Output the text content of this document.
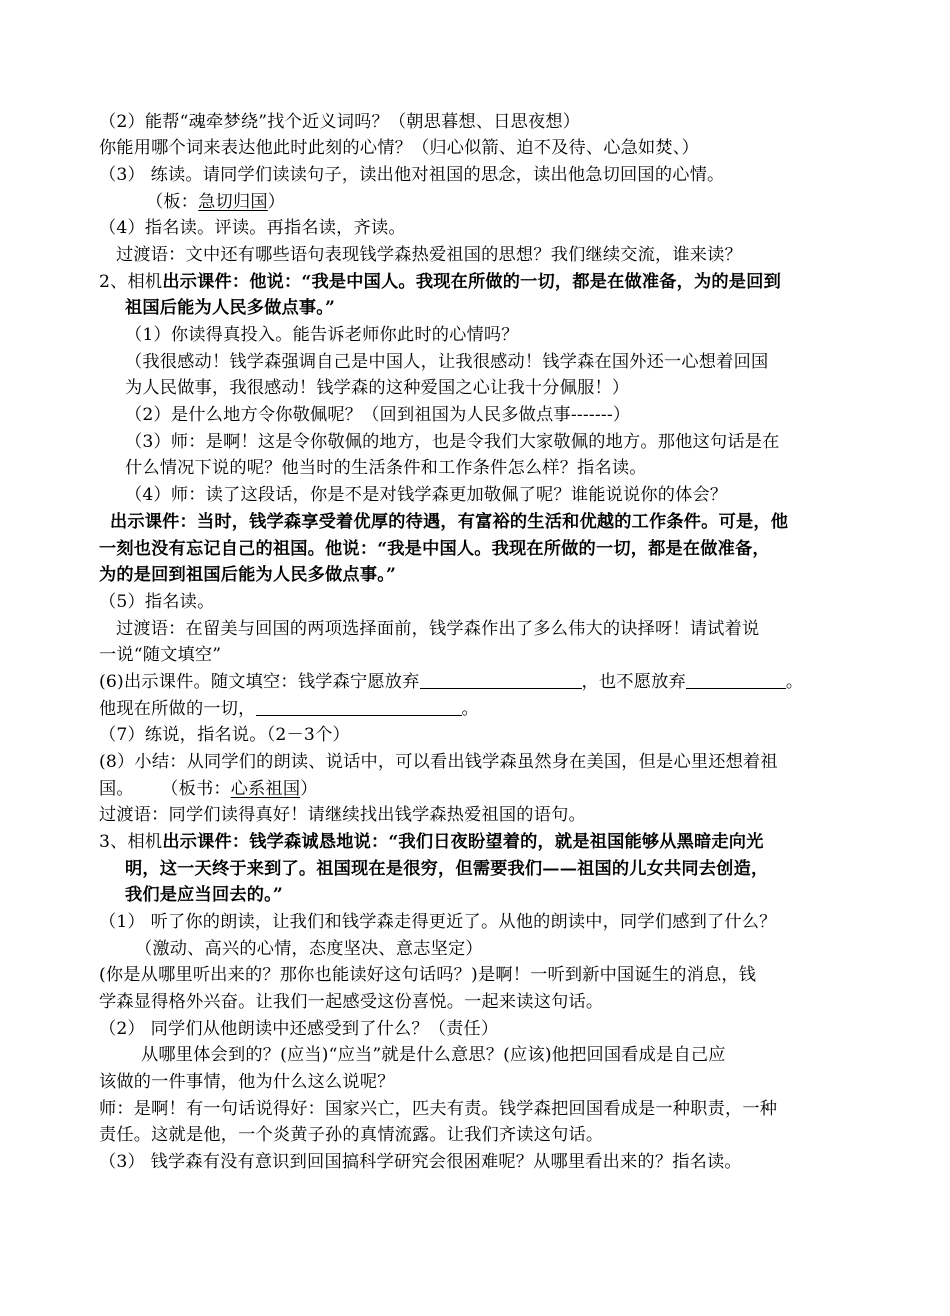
（2）能帮“魂牵梦绕”找个近义词吗？（朝思暮想、日思夜想）
你能用哪个词来表达他此时此刻的心情？（归心似箭、迫不及待、心急如焚、）
（3） 练读。请同学们读读句子，读出他对祖国的思念，读出他急切回国的心情。
（板：急切归国）
（4）指名读。评读。再指名读，齐读。
过渡语：文中还有哪些语句表现钱学森热爱祖国的思想？我们继续交流，谁来读？
2、相机出示课件：他说：“我是中国人。我现在所做的一切，都是在做准备，为的是回到
祖国后能为人民多做点事。”
（1）你读得真投入。能告诉老师你此时的心情吗？
（我很感动！钱学森强调自己是中国人，让我很感动！钱学森在国外还一心想着回国
为人民做事，我很感动！钱学森的这种爱国之心让我十分佩服！）
（2）是什么地方令你敬佩呢？（回到祖国为人民多做点事-------）
（3）师：是啊！这是令你敬佩的地方，也是令我们大家敬佩的地方。那他这句话是在
什么情况下说的呢？他当时的生活条件和工作条件怎么样？指名读。
（4）师：读了这段话，你是不是对钱学森更加敬佩了呢？谁能说说你的体会？
出示课件：当时，钱学森享受着优厚的待遇，有富裕的生活和优越的工作条件。可是，他
一刻也没有忘记自己的祖国。他说：“我是中国人。我现在所做的一切，都是在做准备，
为的是回到祖国后能为人民多做点事。”
（5）指名读。
过渡语：在留美与回国的两项选择面前，钱学森作出了多么伟大的诀择呀！请试着说
一说“随文填空”
(6)出示课件。随文填空：钱学森宁愿放弃	，也不愿放弃	。
他现在所做的一切，	。
（7）练说，指名说。（2－3个）
(8）小结：从同学们的朗读、说话中，可以看出钱学森虽然身在美国，但是心里还想着祖
国。 （板书：心系祖国）
过渡语：同学们读得真好！请继续找出钱学森热爱祖国的语句。
3、相机出示课件：钱学森诚恳地说：“我们日夜盼望着的，就是祖国能够从黑暗走向光
明，这一天终于来到了。祖国现在是很穷，但需要我们——祖国的儿女共同去创造，
我们是应当回去的。”
（1） 听了你的朗读，让我们和钱学森走得更近了。从他的朗读中，同学们感到了什么？
（激动、高兴的心情，态度坚决、意志坚定）
(你是从哪里听出来的？那你也能读好这句话吗？)是啊！一听到新中国诞生的消息，钱
学森显得格外兴奋。让我们一起感受这份喜悦。一起来读这句话。
（2） 同学们从他朗读中还感受到了什么？（责任）
从哪里体会到的？(应当)“应当”就是什么意思？(应该)他把回国看成是自己应
该做的一件事情，他为什么这么说呢？
师：是啊！有一句话说得好：国家兴亡，匹夫有责。钱学森把回国看成是一种职责，一种
责任。这就是他，一个炎黄子孙的真情流露。让我们齐读这句话。
（3） 钱学森有没有意识到回国搞科学研究会很困难呢？从哪里看出来的？指名读。
